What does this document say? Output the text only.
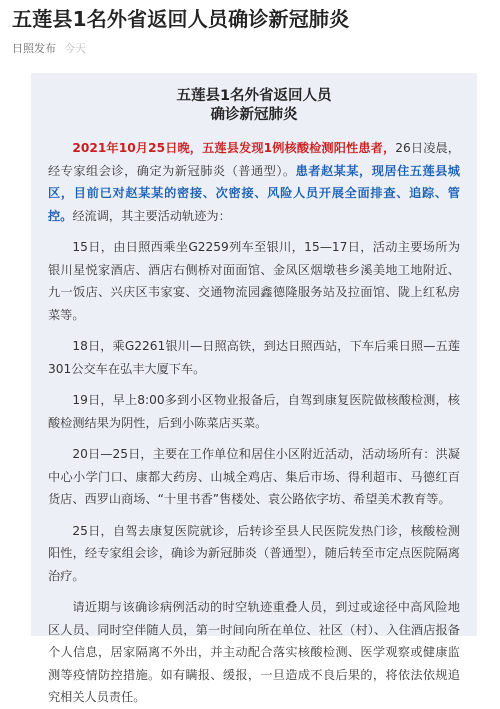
五莲县1名外省返回人员确诊新冠肺炎
日照发布 今天
五莲县1名外省返回人员
确诊新冠肺炎

2021年10月25日晚，五莲县发现1例核酸检测阳性患者，26日凌晨，经专家组会诊，确定为新冠肺炎（普通型）。患者赵某某，现居住五莲县城区，目前已对赵某某的密接、次密接、风险人员开展全面排查、追踪、管控。经流调，其主要活动轨迹为：

15日，由日照西乘坐G2259列车至银川，15—17日，活动主要场所为银川星悦家酒店、酒店右侧桥对面面馆、金凤区烟墩巷乡溪美地工地附近、九一饭店、兴庆区韦家宴、交通物流园鑫德隆服务站及拉面馆、陇上红私房菜等。

18日，乘G2261银川—日照高铁，到达日照西站，下车后乘日照—五莲301公交车在弘丰大厦下车。

19日，早上8:00多到小区物业报备后，自驾到康复医院做核酸检测，核酸检测结果为阴性，后到小陈菜店买菜。

20日—25日，主要在工作单位和居住小区附近活动，活动场所有：洪凝中心小学门口、康都大药房、山城全鸡店、集后市场、得利超市、马德红百货店、西罗山商场、“十里书香”售楼处、袁公路依字坊、希望美术教育等。

25日，自驾去康复医院就诊，后转诊至县人民医院发热门诊，核酸检测阳性，经专家组会诊，确诊为新冠肺炎（普通型），随后转至市定点医院隔离治疗。

请近期与该确诊病例活动的时空轨迹重叠人员，到过或途径中高风险地区人员、同时空伴随人员，第一时间向所在单位、社区（村）、入住酒店报备个人信息，居家隔离不外出，并主动配合落实核酸检测、医学观察或健康监测等疫情防控措施。如有瞒报、缓报，一旦造成不良后果的，将依法依规追究相关人员责任。
